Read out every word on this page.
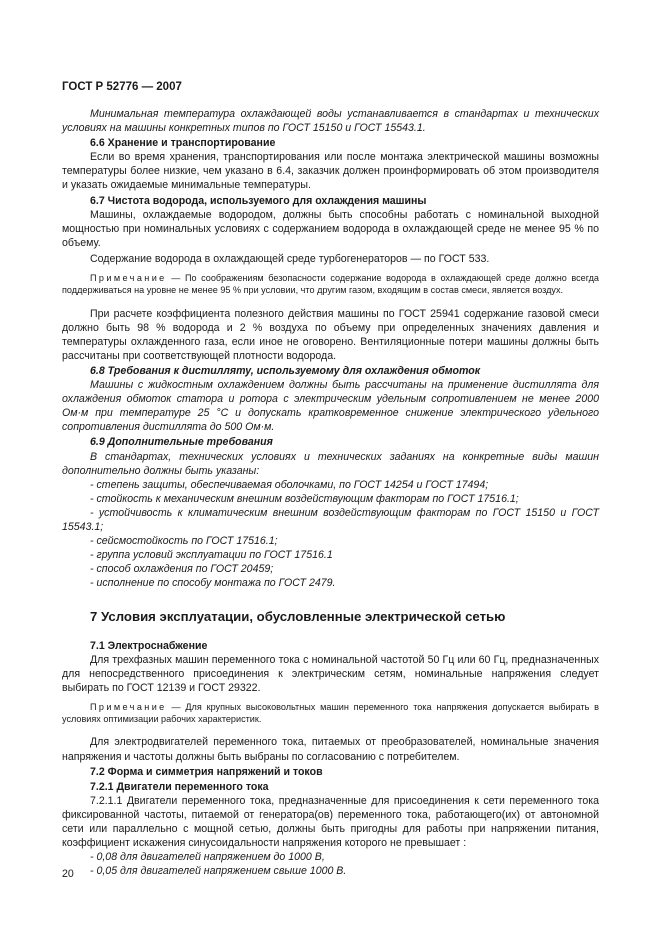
ГОСТ Р 52776 — 2007

Минимальная температура охлаждающей воды устанавливается в стандартах и технических условиях на машины конкретных типов по ГОСТ 15150 и ГОСТ 15543.1.

6.6 Хранение и транспортирование

Если во время хранения, транспортирования или после монтажа электрической машины возможны температуры более низкие, чем указано в 6.4, заказчик должен проинформировать об этом производителя и указать ожидаемые минимальные температуры.

6.7 Чистота водорода, используемого для охлаждения машины

Машины, охлаждаемые водородом, должны быть способны работать с номинальной выходной мощностью при номинальных условиях с содержанием водорода в охлаждающей среде не менее 95 % по объему.

Содержание водорода в охлаждающей среде турбогенераторов — по ГОСТ 533.

Примечание — По соображениям безопасности содержание водорода в охлаждающей среде должно всегда поддерживаться на уровне не менее 95 % при условии, что другим газом, входящим в состав смеси, является воздух.

При расчете коэффициента полезного действия машины по ГОСТ 25941 содержание газовой смеси должно быть 98 % водорода и 2 % воздуха по объему при определенных значениях давления и температуры охлажденного газа, если иное не оговорено. Вентиляционные потери машины должны быть рассчитаны при соответствующей плотности водорода.

6.8 Требования к дистилляту, используемому для охлаждения обмоток

Машины с жидкостным охлаждением должны быть рассчитаны на применение дистиллята для охлаждения обмоток статора и ротора с электрическим удельным сопротивлением не менее 2000 Ом·м при температуре 25 °С и допускать кратковременное снижение электрического удельного сопротивления дистиллята до 500 Ом·м.

6.9 Дополнительные требования

В стандартах, технических условиях и технических заданиях на конкретные виды машин дополнительно должны быть указаны:

- степень защиты, обеспечиваемая оболочками, по ГОСТ 14254 и ГОСТ 17494;

- стойкость к механическим внешним воздействующим факторам по ГОСТ 17516.1;

- устойчивость к климатическим внешним воздействующим факторам по ГОСТ 15150 и ГОСТ 15543.1;

- сейсмостойкость по ГОСТ 17516.1;

- группа условий эксплуатации по ГОСТ 17516.1

- способ охлаждения по ГОСТ 20459;

- исполнение по способу монтажа по ГОСТ 2479.

7 Условия эксплуатации, обусловленные электрической сетью

7.1 Электроснабжение

Для трехфазных машин переменного тока с номинальной частотой 50 Гц или 60 Гц, предназначенных для непосредственного присоединения к электрическим сетям, номинальные напряжения следует выбирать по ГОСТ 12139 и ГОСТ 29322.

Примечание — Для крупных высоковольтных машин переменного тока напряжения допускается выбирать в условиях оптимизации рабочих характеристик.

Для электродвигателей переменного тока, питаемых от преобразователей, номинальные значения напряжения и частоты должны быть выбраны по согласованию с потребителем.

7.2 Форма и симметрия напряжений и токов

7.2.1 Двигатели переменного тока

7.2.1.1 Двигатели переменного тока, предназначенные для присоединения к сети переменного тока фиксированной частоты, питаемой от генератора(ов) переменного тока, работающего(их) от автономной сети или параллельно с мощной сетью, должны быть пригодны для работы при напряжении питания, коэффициент искажения синусоидальности напряжения которого не превышает :

- 0,08 для двигателей напряжением до 1000 В,

- 0,05 для двигателей напряжением свыше 1000 В.

20
